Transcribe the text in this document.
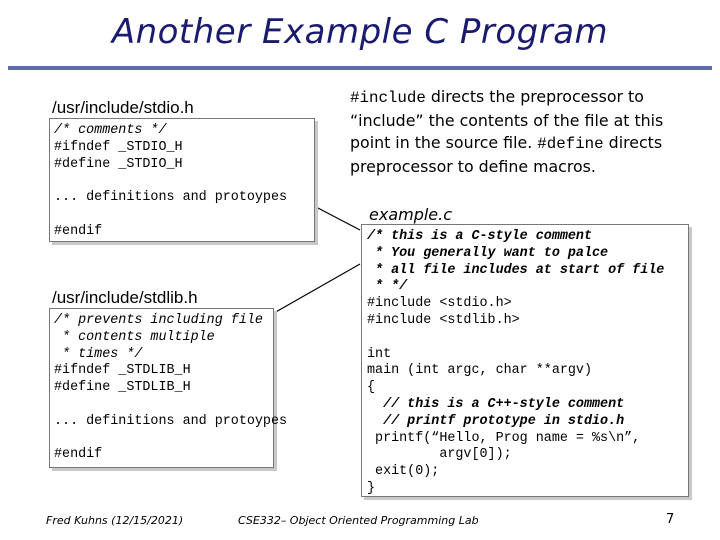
Another Example C Program
/usr/include/stdio.h
/* comments */
#ifndef _STDIO_H
#define _STDIO_H

... definitions and protoypes

#endif
/usr/include/stdlib.h
/* prevents including file
* contents multiple
* times */
#ifndef _STDLIB_H
#define _STDLIB_H

... definitions and protoypes

#endif
#include directs the preprocessor to “include” the contents of the file at this point in the source file. #define directs preprocessor to define macros.
example.c
/* this is a C-style comment
* You generally want to palce
* all file includes at start of file
* */
#include <stdio.h>
#include <stdlib.h>

int
main (int argc, char **argv)
{
// this is a C++-style comment
// printf prototype in stdio.h
printf(“Hello, Prog name = %s\n”,
argv[0]);
exit(0);
}
Fred Kuhns (12/15/2021)	CSE332– Object Oriented Programming Lab	7
